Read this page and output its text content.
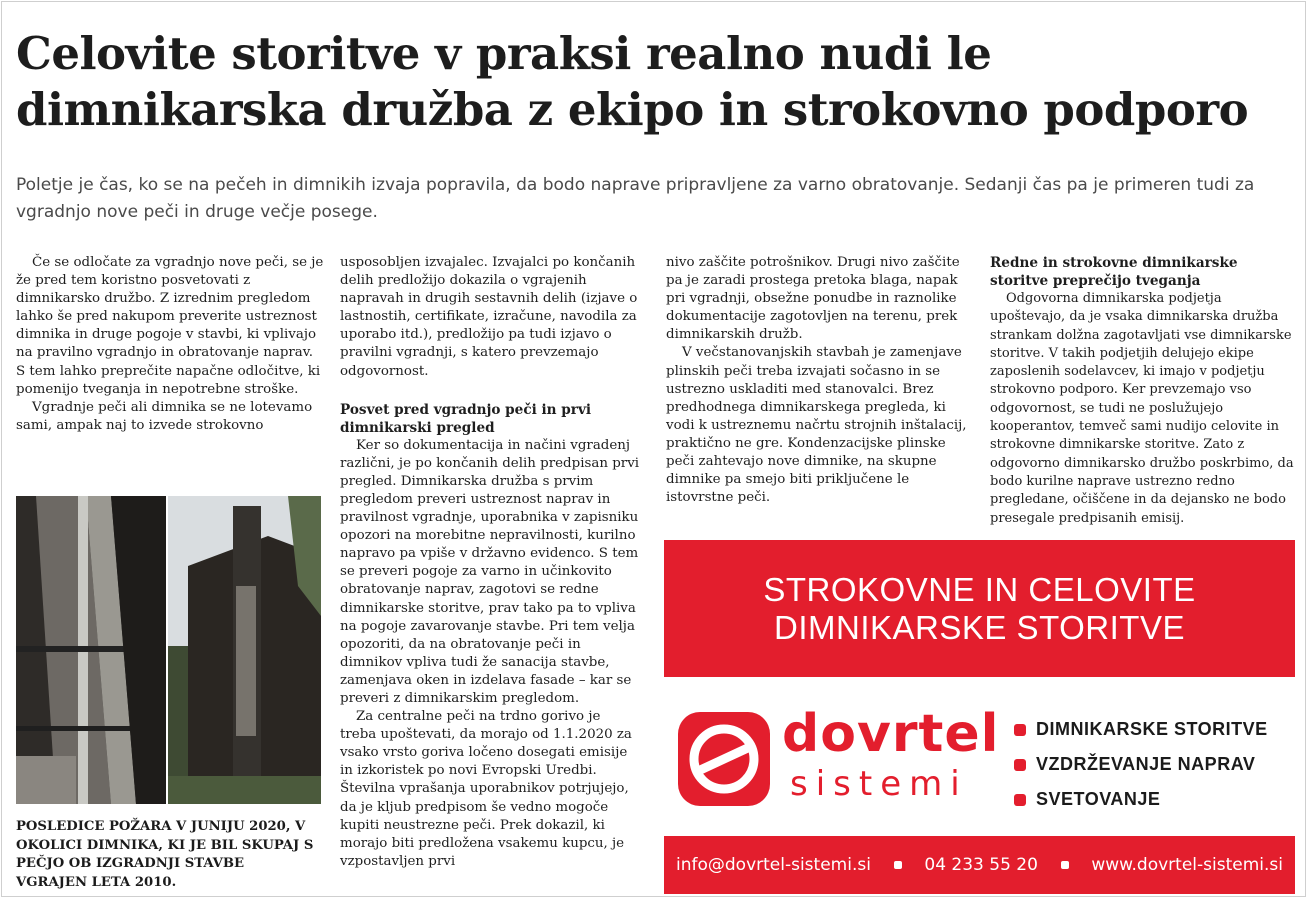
Celovite storitve v praksi realno nudi le dimnikarska družba z ekipo in strokovno podporo

Poletje je čas, ko se na pečeh in dimnikih izvaja popravila, da bodo naprave pripravljene za varno obratovanje. Sedanji čas pa je primeren tudi za vgradnjo nove peči in druge večje posege.

Če se odločate za vgradnjo nove peči, se je že pred tem koristno posvetovati z dimnikarsko družbo. Z izrednim pregledom lahko še pred nakupom preverite ustreznost dimnika in druge pogoje v stavbi, ki vplivajo na pravilno vgradnjo in obratovanje naprav. S tem lahko preprečite napačne odločitve, ki pomenijo tveganja in nepotrebne stroške.

Vgradnje peči ali dimnika se ne lotevamo sami, ampak naj to izvede strokovno

usposobljen izvajalec. Izvajalci po končanih delih predložijo dokazila o vgrajenih napravah in drugih sestavnih delih (izjave o lastnostih, certifikate, izračune, navodila za uporabo itd.), predložijo pa tudi izjavo o pravilni vgradnji, s katero prevzemajo odgovornost.

Posvet pred vgradnjo peči in prvi dimnikarski pregled

Ker so dokumentacija in načini vgradenj različni, je po končanih delih predpisan prvi pregled. Dimnikarska družba s prvim pregledom preveri ustreznost naprav in pravilnost vgradnje, uporabnika v zapisniku opozori na morebitne nepravilnosti, kurilno napravo pa vpiše v državno evidenco. S tem se preveri pogoje za varno in učinkovito obratovanje naprav, zagotovi se redne dimnikarske storitve, prav tako pa to vpliva na pogoje zavarovanje stavbe. Pri tem velja opozoriti, da na obratovanje peči in dimnikov vpliva tudi že sanacija stavbe, zamenjava oken in izdelava fasade – kar se preveri z dimnikarskim pregledom.

Za centralne peči na trdno gorivo je treba upoštevati, da morajo od 1.1.2020 za vsako vrsto goriva ločeno dosegati emisije in izkoristek po novi Evropski Uredbi. Številna vprašanja uporabnikov potrjujejo, da je kljub predpisom še vedno mogoče kupiti neustrezne peči. Prek dokazil, ki morajo biti predložena vsakemu kupcu, je vzpostavljen prvi

nivo zaščite potrošnikov. Drugi nivo zaščite pa je zaradi prostega pretoka blaga, napak pri vgradnji, obsežne ponudbe in raznolike dokumentacije zagotovljen na terenu, prek dimnikarskih družb.

V večstanovanjskih stavbah je zamenjave plinskih peči treba izvajati sočasno in se ustrezno uskladiti med stanovalci. Brez predhodnega dimnikarskega pregleda, ki vodi k ustreznemu načrtu strojnih inštalacij, praktično ne gre. Kondenzacijske plinske peči zahtevajo nove dimnike, na skupne dimnike pa smejo biti priključene le istovrstne peči.

Redne in strokovne dimnikarske storitve preprečijo tveganja

Odgovorna dimnikarska podjetja upoštevajo, da je vsaka dimnikarska družba strankam dolžna zagotavljati vse dimnikarske storitve. V takih podjetjih delujejo ekipe zaposlenih sodelavcev, ki imajo v podjetju strokovno podporo. Ker prevzemajo vso odgovornost, se tudi ne poslužujejo kooperantov, temveč sami nudijo celovite in strokovne dimnikarske storitve. Zato z odgovorno dimnikarsko družbo poskrbimo, da bodo kurilne naprave ustrezno redno pregledane, očiščene in da dejansko ne bodo presegale predpisanih emisij.

POSLEDICE POŽARA V JUNIJU 2020, V OKOLICI DIMNIKA, KI JE BIL SKUPAJ S PEČJO OB IZGRADNJI STAVBE VGRAJEN LETA 2010.
STROKOVNE IN CELOVITE
DIMNIKARSKE STORITVE
dovrtel
sistemi
DIMNIKARSKE STORITVE
VZDRŽEVANJE NAPRAV
SVETOVANJE
info@dovrtel-sistemi.si	04 233 55 20	www.dovrtel-sistemi.si
